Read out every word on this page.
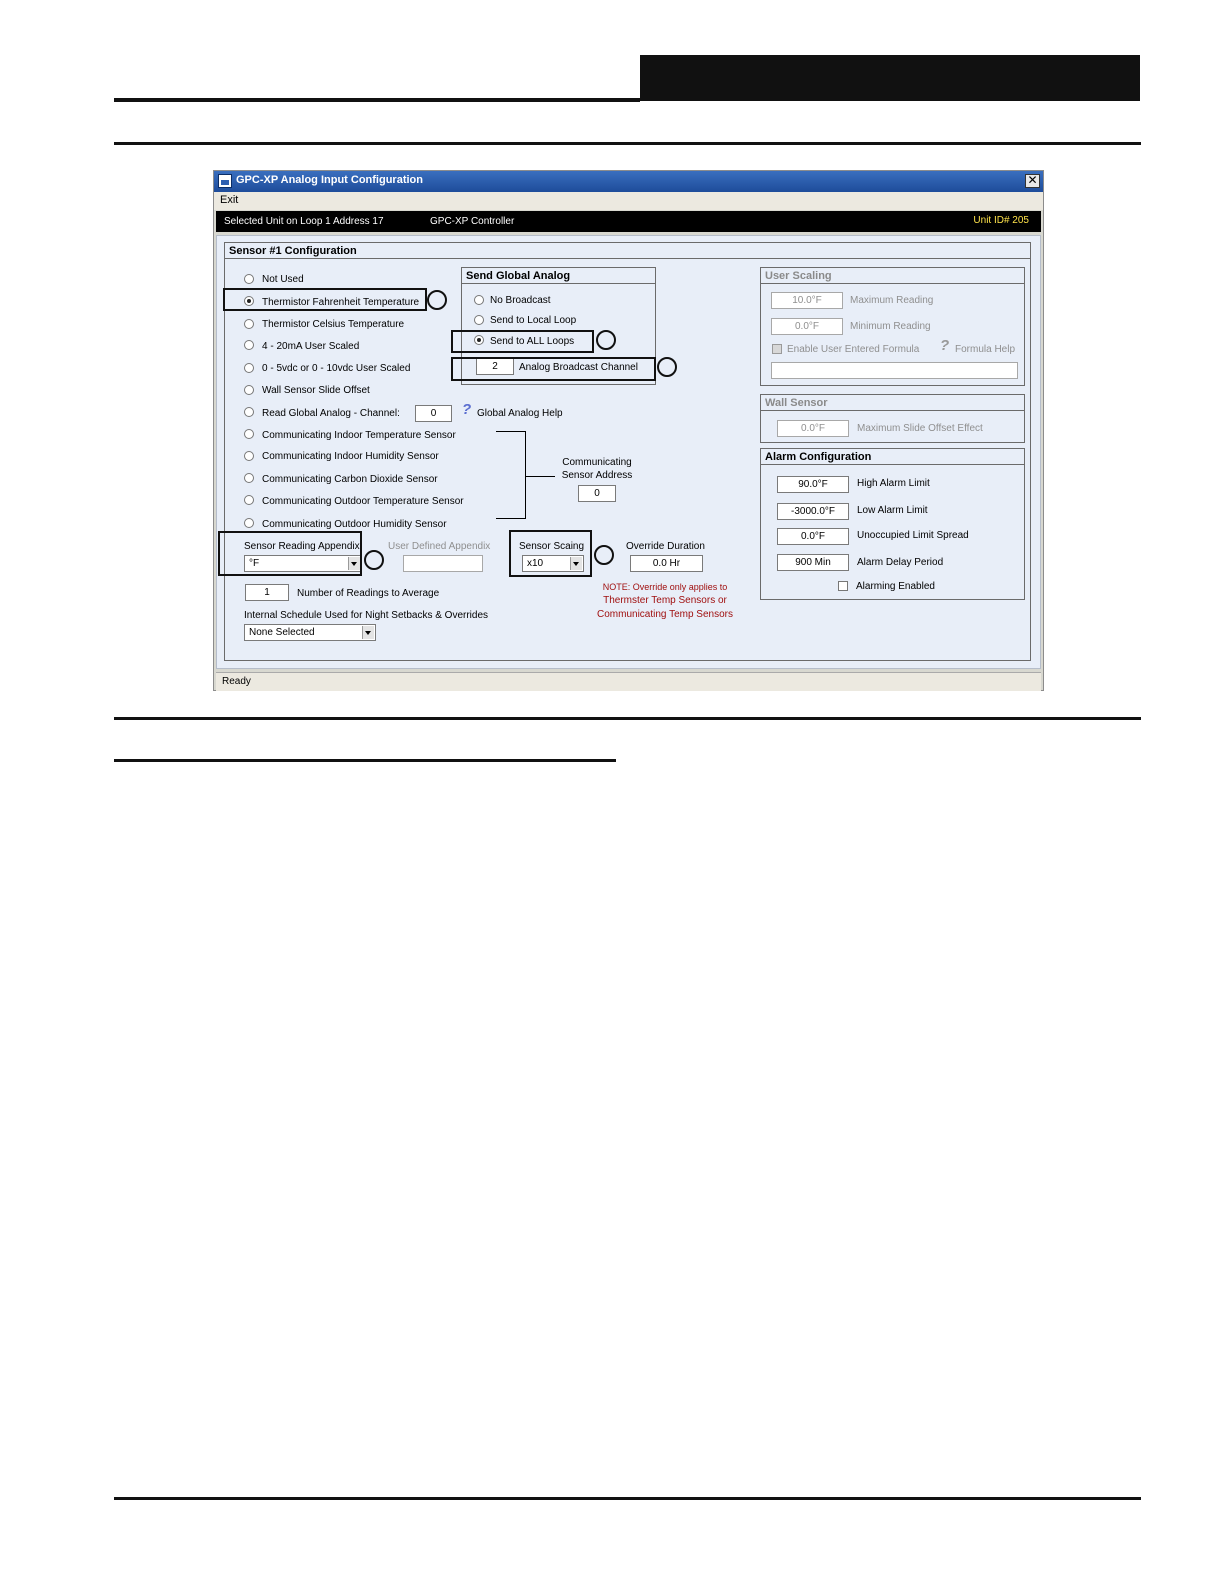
GPC-XP Analog Input Configuration	✕
Exit
Selected Unit on Loop 1 Address 17	GPC-XP Controller	Unit ID# 205
Sensor #1 Configuration
Not Used
Thermistor Fahrenheit Temperature
Thermistor Celsius Temperature
4 - 20mA User Scaled
0 - 5vdc or 0 - 10vdc User Scaled
Wall Sensor Slide Offset
Read Global Analog - Channel:	0	? Global Analog Help
Communicating Indoor Temperature Sensor
Communicating Indoor Humidity Sensor
Communicating Carbon Dioxide Sensor
Communicating Outdoor Temperature Sensor
Communicating Outdoor Humidity Sensor
Communicating
Sensor Address
0
Send Global Analog
No Broadcast
Send to Local Loop
Send to ALL Loops
2	Analog Broadcast Channel
Sensor Reading Appendix
°F
User Defined Appendix	Sensor Scaing
x10
Override Duration
0.0 Hr
NOTE: Override only applies to
Thermster Temp Sensors or
Communicating Temp Sensors
1	Number of Readings to Average
Internal Schedule Used for Night Setbacks & Overrides
None Selected
User Scaling
10.0°F	Maximum Reading
0.0°F	Minimum Reading
Enable User Entered Formula ? Formula Help
Wall Sensor
0.0°F	Maximum Slide Offset Effect
Alarm Configuration
90.0°F	High Alarm Limit
-3000.0°F	Low Alarm Limit
0.0°F	Unoccupied Limit Spread
900 Min	Alarm Delay Period
Alarming Enabled
Ready
